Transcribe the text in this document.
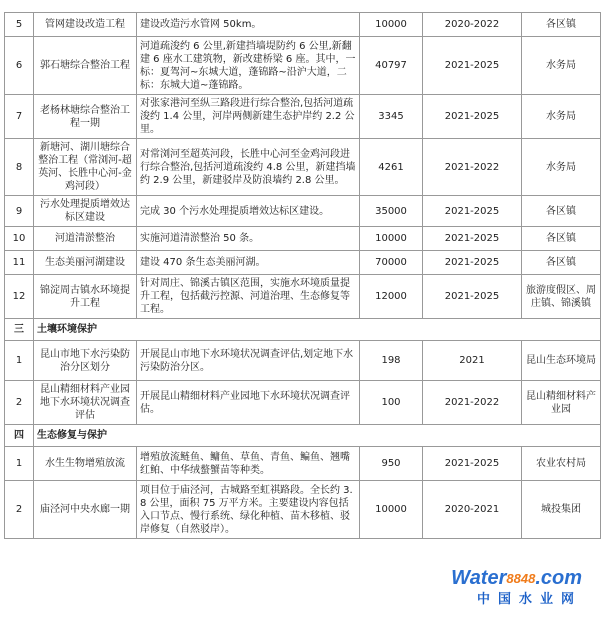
5	管网建设改造工程	建设改造污水管网 50km。	10000	2020-2022	各区镇
6	郭石塘综合整治工程	河道疏浚约 6 公里,新建挡墙堤防约 6 公里,新翻建 6 座水工建筑物，新改建桥梁 6 座。其中，一标：夏驾河~东城大道，蓬锦路~沿沪大道，二标：东城大道~蓬锦路。	40797	2021-2025	水务局
7	老杨林塘综合整治工程一期	对张家港河至纵三路段进行综合整治,包括河道疏浚约 1.4 公里，河岸两侧新建生态护岸约 2.2 公里。	3345	2021-2025	水务局
8	新塘河、湖川塘综合整治工程（常浏河-超英河、长胜中心河-金鸡河段）	对常浏河至超英河段，长胜中心河至金鸡河段进行综合整治,包括河道疏浚约 4.8 公里，新建挡墙约 2.9 公里，新建驳岸及防浪墙约 2.8 公里。	4261	2021-2022	水务局
9	污水处理提质增效达标区建设	完成 30 个污水处理提质增效达标区建设。	35000	2021-2025	各区镇
10	河道清淤整治	实施河道清淤整治 50 条。	10000	2021-2025	各区镇
11	生态美丽河湖建设	建设 470 条生态美丽河湖。	70000	2021-2025	各区镇
12	锦淀周古镇水环境提升工程	针对周庄、锦溪古镇区范围，实施水环境质量提升工程，包括截污控源、河道治理、生态修复等工程。	12000	2021-2025	旅游度假区、周庄镇、锦溪镇
三	土壤环境保护				
1	昆山市地下水污染防治分区划分	开展昆山市地下水环境状况调查评估,划定地下水污染防治分区。	198	2021	昆山生态环境局
2	昆山精细材料产业园地下水环境状况调查评估	开展昆山精细材料产业园地下水环境状况调查评估。	100	2021-2022	昆山精细材料产业园
四	生态修复与保护				
1	水生生物增殖放流	增殖放流鲢鱼、鳙鱼、草鱼、青鱼、鳊鱼、翘嘴红鲌、中华绒螯蟹苗等种类。	950	2021-2025	农业农村局
2	庙泾河中央水廊一期	项目位于庙泾河，古城路至虹祺路段。全长约 3.8 公里，面积 75 万平方米。主要建设内容包括入口节点、慢行系统、绿化种植、苗木移植、驳岸修复（自然驳岸）。	10000	2020-2021	城投集团
Water8848.com
中国水业网
